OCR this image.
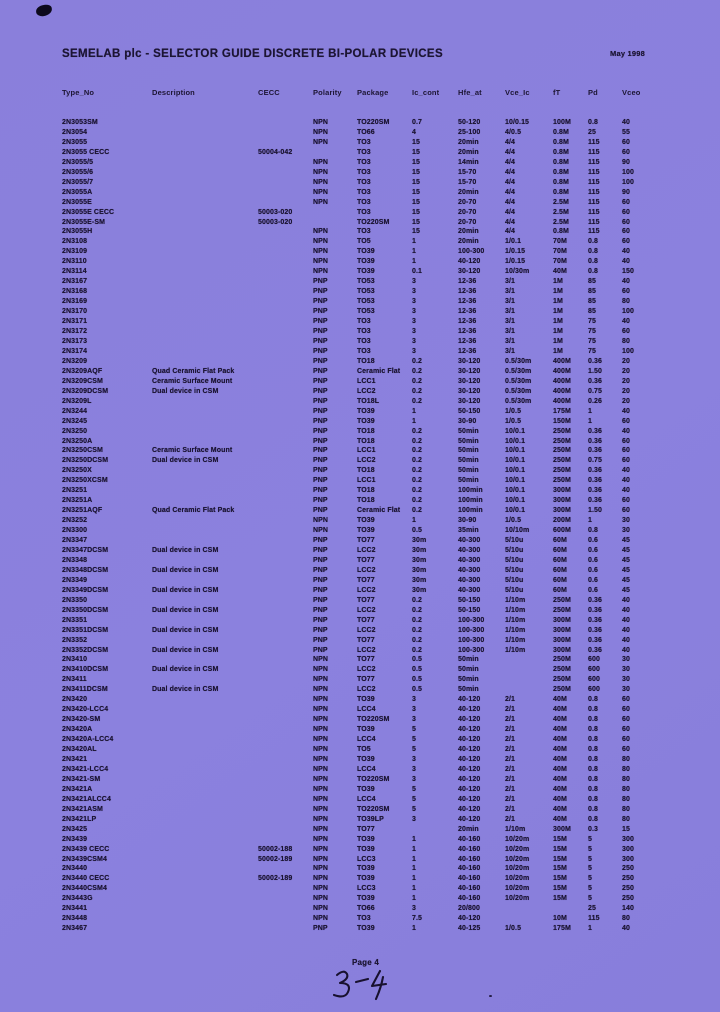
SEMELAB plc - SELECTOR GUIDE DISCRETE BI-POLAR DEVICES	May 1998
Type_No	Description	CECC	Polarity	Package	Ic_cont	Hfe_at	Vce_Ic	fT	Pd	Vceo
2N3053SM			NPN	TO220SM	0.7	50-120	10/0.15	100M	0.8	40
2N3054			NPN	TO66	4	25-100	4/0.5	0.8M	25	55
2N3055			NPN	TO3	15	20min	4/4	0.8M	115	60
2N3055 CECC		50004-042		TO3	15	20min	4/4	0.8M	115	60
2N3055/5			NPN	TO3	15	14min	4/4	0.8M	115	90
2N3055/6			NPN	TO3	15	15-70	4/4	0.8M	115	100
2N3055/7			NPN	TO3	15	15-70	4/4	0.8M	115	100
2N3055A			NPN	TO3	15	20min	4/4	0.8M	115	90
2N3055E			NPN	TO3	15	20-70	4/4	2.5M	115	60
2N3055E CECC		50003-020		TO3	15	20-70	4/4	2.5M	115	60
2N3055E-SM		50003-020		TO220SM	15	20-70	4/4	2.5M	115	60
2N3055H			NPN	TO3	15	20min	4/4	0.8M	115	60
2N3108			NPN	TO5	1	20min	1/0.1	70M	0.8	60
2N3109			NPN	TO39	1	100-300	1/0.15	70M	0.8	40
2N3110			NPN	TO39	1	40-120	1/0.15	70M	0.8	40
2N3114			NPN	TO39	0.1	30-120	10/30m	40M	0.8	150
2N3167			PNP	TO53	3	12-36	3/1	1M	85	40
2N3168			PNP	TO53	3	12-36	3/1	1M	85	60
2N3169			PNP	TO53	3	12-36	3/1	1M	85	80
2N3170			PNP	TO53	3	12-36	3/1	1M	85	100
2N3171			PNP	TO3	3	12-36	3/1	1M	75	40
2N3172			PNP	TO3	3	12-36	3/1	1M	75	60
2N3173			PNP	TO3	3	12-36	3/1	1M	75	80
2N3174			PNP	TO3	3	12-36	3/1	1M	75	100
2N3209			PNP	TO18	0.2	30-120	0.5/30m	400M	0.36	20
2N3209AQF	Quad Ceramic Flat Pack		PNP	Ceramic Flat	0.2	30-120	0.5/30m	400M	1.50	20
2N3209CSM	Ceramic Surface Mount		PNP	LCC1	0.2	30-120	0.5/30m	400M	0.36	20
2N3209DCSM	Dual device in CSM		PNP	LCC2	0.2	30-120	0.5/30m	400M	0.75	20
2N3209L			PNP	TO18L	0.2	30-120	0.5/30m	400M	0.26	20
2N3244			PNP	TO39	1	50-150	1/0.5	175M	1	40
2N3245			PNP	TO39	1	30-90	1/0.5	150M	1	60
2N3250			PNP	TO18	0.2	50min	10/0.1	250M	0.36	40
2N3250A			PNP	TO18	0.2	50min	10/0.1	250M	0.36	60
2N3250CSM	Ceramic Surface Mount		PNP	LCC1	0.2	50min	10/0.1	250M	0.36	60
2N3250DCSM	Dual device in CSM		PNP	LCC2	0.2	50min	10/0.1	250M	0.75	60
2N3250X			PNP	TO18	0.2	50min	10/0.1	250M	0.36	40
2N3250XCSM			PNP	LCC1	0.2	50min	10/0.1	250M	0.36	40
2N3251			PNP	TO18	0.2	100min	10/0.1	300M	0.36	40
2N3251A			PNP	TO18	0.2	100min	10/0.1	300M	0.36	60
2N3251AQF	Quad Ceramic Flat Pack		PNP	Ceramic Flat	0.2	100min	10/0.1	300M	1.50	60
2N3252			NPN	TO39	1	30-90	1/0.5	200M	1	30
2N3300			NPN	TO39	0.5	35min	10/10m	600M	0.8	30
2N3347			PNP	TO77	30m	40-300	5/10u	60M	0.6	45
2N3347DCSM	Dual device in CSM		PNP	LCC2	30m	40-300	5/10u	60M	0.6	45
2N3348			PNP	TO77	30m	40-300	5/10u	60M	0.6	45
2N3348DCSM	Dual device in CSM		PNP	LCC2	30m	40-300	5/10u	60M	0.6	45
2N3349			PNP	TO77	30m	40-300	5/10u	60M	0.6	45
2N3349DCSM	Dual device in CSM		PNP	LCC2	30m	40-300	5/10u	60M	0.6	45
2N3350			PNP	TO77	0.2	50-150	1/10m	250M	0.36	40
2N3350DCSM	Dual device in CSM		PNP	LCC2	0.2	50-150	1/10m	250M	0.36	40
2N3351			PNP	TO77	0.2	100-300	1/10m	300M	0.36	40
2N3351DCSM	Dual device in CSM		PNP	LCC2	0.2	100-300	1/10m	300M	0.36	40
2N3352			PNP	TO77	0.2	100-300	1/10m	300M	0.36	40
2N3352DCSM	Dual device in CSM		PNP	LCC2	0.2	100-300	1/10m	300M	0.36	40
2N3410			NPN	TO77	0.5	50min		250M	600	30
2N3410DCSM	Dual device in CSM		NPN	LCC2	0.5	50min		250M	600	30
2N3411			NPN	TO77	0.5	50min		250M	600	30
2N3411DCSM	Dual device in CSM		NPN	LCC2	0.5	50min		250M	600	30
2N3420			NPN	TO39	3	40-120	2/1	40M	0.8	60
2N3420-LCC4			NPN	LCC4	3	40-120	2/1	40M	0.8	60
2N3420-SM			NPN	TO220SM	3	40-120	2/1	40M	0.8	60
2N3420A			NPN	TO39	5	40-120	2/1	40M	0.8	60
2N3420A-LCC4			NPN	LCC4	5	40-120	2/1	40M	0.8	60
2N3420AL			NPN	TO5	5	40-120	2/1	40M	0.8	60
2N3421			NPN	TO39	3	40-120	2/1	40M	0.8	80
2N3421-LCC4			NPN	LCC4	3	40-120	2/1	40M	0.8	80
2N3421-SM			NPN	TO220SM	3	40-120	2/1	40M	0.8	80
2N3421A			NPN	TO39	5	40-120	2/1	40M	0.8	80
2N3421ALCC4			NPN	LCC4	5	40-120	2/1	40M	0.8	80
2N3421ASM			NPN	TO220SM	5	40-120	2/1	40M	0.8	80
2N3421LP			NPN	TO39LP	3	40-120	2/1	40M	0.8	80
2N3425			NPN	TO77		20min	1/10m	300M	0.3	15
2N3439			NPN	TO39	1	40-160	10/20m	15M	5	300
2N3439 CECC		50002-188	NPN	TO39	1	40-160	10/20m	15M	5	300
2N3439CSM4		50002-189	NPN	LCC3	1	40-160	10/20m	15M	5	300
2N3440			NPN	TO39	1	40-160	10/20m	15M	5	250
2N3440 CECC		50002-189	NPN	TO39	1	40-160	10/20m	15M	5	250
2N3440CSM4			NPN	LCC3	1	40-160	10/20m	15M	5	250
2N3443G			NPN	TO39	1	40-160	10/20m	15M	5	250
2N3441			NPN	TO66	3	20/800			25	140
2N3448			NPN	TO3	7.5	40-120		10M	115	80
2N3467			PNP	TO39	1	40-125	1/0.5	175M	1	40
Page 4
